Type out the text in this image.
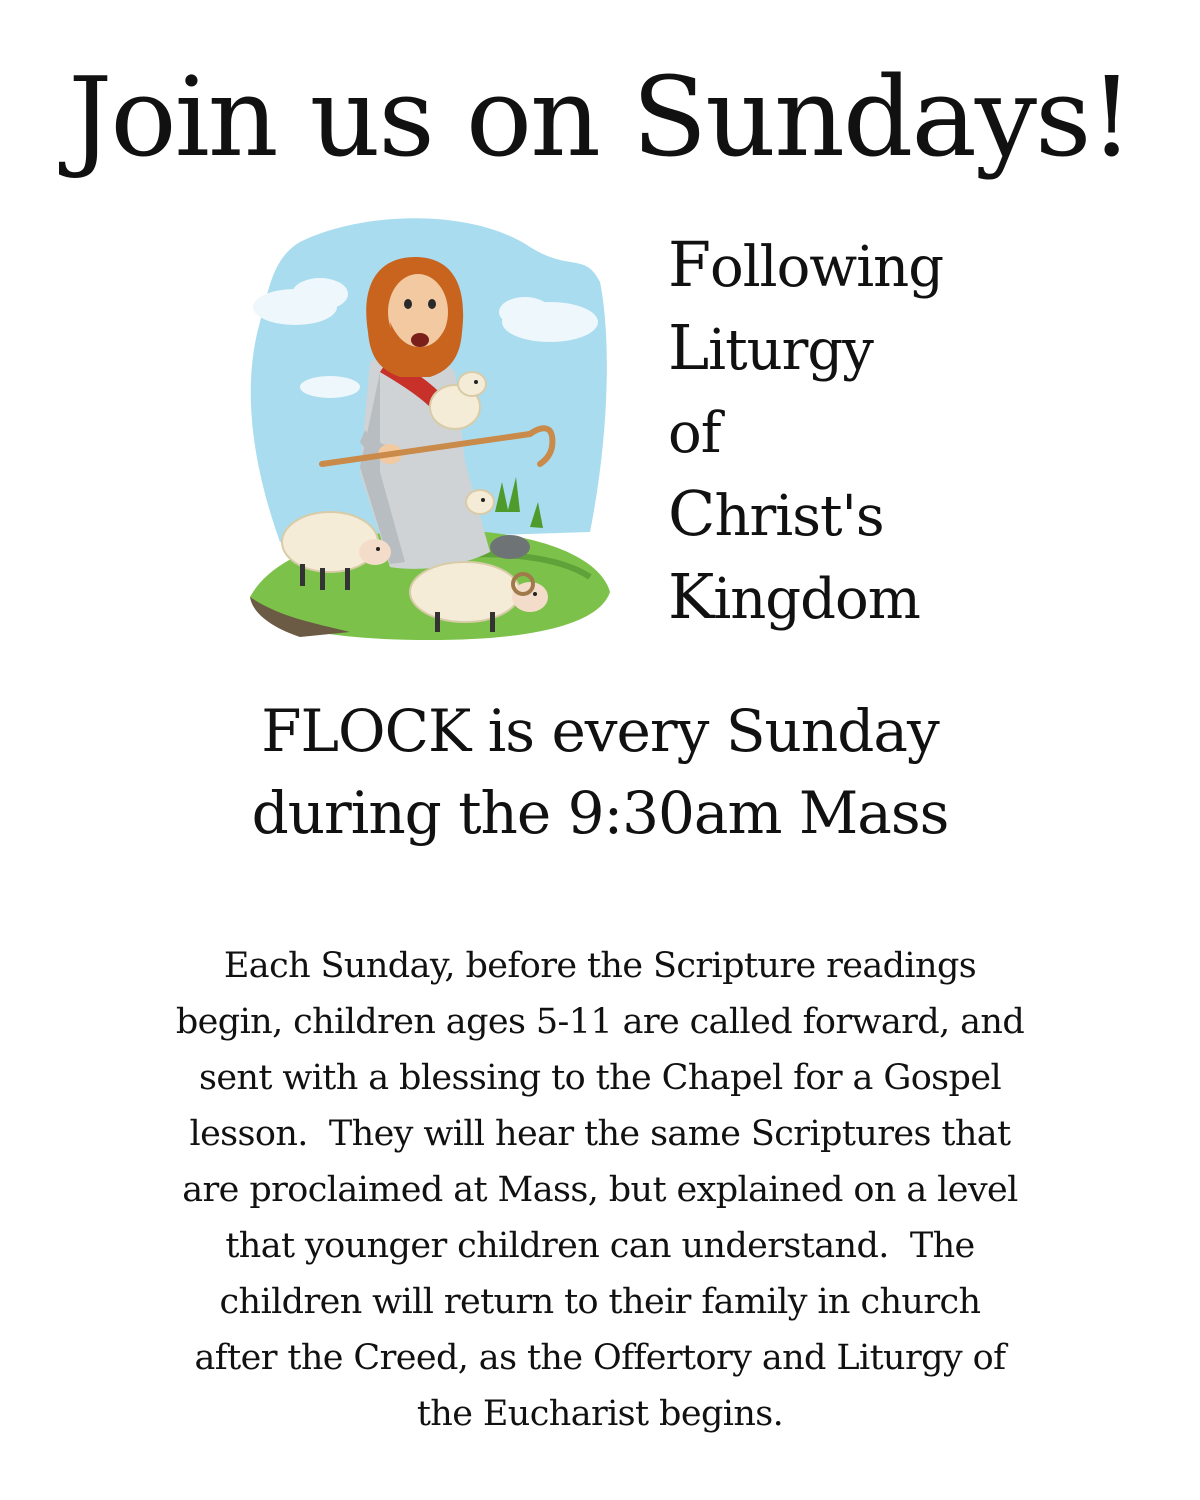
Join us on Sundays!
Following
Liturgy
of
Christ's
Kingdom
FLOCK is every Sunday
during the 9:30am Mass
Each Sunday, before the Scripture readings
begin, children ages 5-11 are called forward, and
sent with a blessing to the Chapel for a Gospel
lesson.  They will hear the same Scriptures that
are proclaimed at Mass, but explained on a level
that younger children can understand.  The
children will return to their family in church
after the Creed, as the Offertory and Liturgy of
the Eucharist begins.
